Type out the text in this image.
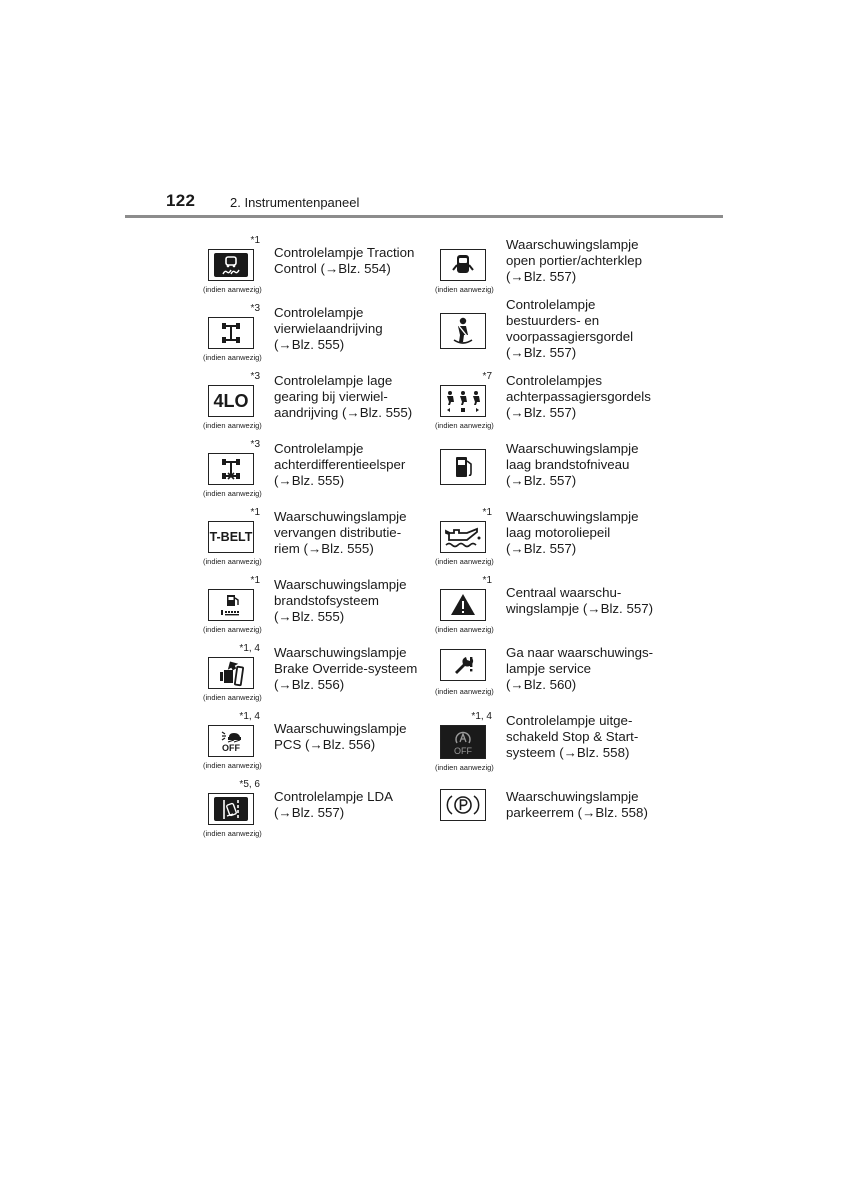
122	2. Instrumentenpaneel
*1
(indien aanwezig)
Controlelampje Traction
Control (→Blz. 554)
*3
(indien aanwezig)
Controlelampje
vierwielaandrijving
(→Blz. 555)
*3
4LO
(indien aanwezig)
Controlelampje lage
gearing bij vierwiel-
aandrijving (→Blz. 555)
*3
(indien aanwezig)
Controlelampje
achterdifferentieelsper
(→Blz. 555)
*1
T-BELT
(indien aanwezig)
Waarschuwingslampje
vervangen distributie-
riem (→Blz. 555)
*1
(indien aanwezig)
Waarschuwingslampje
brandstofsysteem
(→Blz. 555)
*1, 4
(indien aanwezig)
Waarschuwingslampje
Brake Override-systeem
(→Blz. 556)
*1, 4
OFF
(indien aanwezig)
Waarschuwingslampje
PCS (→Blz. 556)
*5, 6
(indien aanwezig)
Controlelampje LDA
(→Blz. 557)
(indien aanwezig)
Waarschuwingslampje
open portier/achterklep
(→Blz. 557)
Controlelampje
bestuurders- en
voorpassagiersgordel
(→Blz. 557)
*7
(indien aanwezig)
Controlelampjes
achterpassagiersgordels
(→Blz. 557)
Waarschuwingslampje
laag brandstofniveau
(→Blz. 557)
*1
(indien aanwezig)
Waarschuwingslampje
laag motoroliepeil
(→Blz. 557)
*1
(indien aanwezig)
Centraal waarschu-
wingslampje (→Blz. 557)
(indien aanwezig)
Ga naar waarschuwings-
lampje service
(→Blz. 560)
*1, 4
OFF
(indien aanwezig)
Controlelampje uitge-
schakeld Stop & Start-
systeem (→Blz. 558)
Waarschuwingslampje
parkeerrem (→Blz. 558)
